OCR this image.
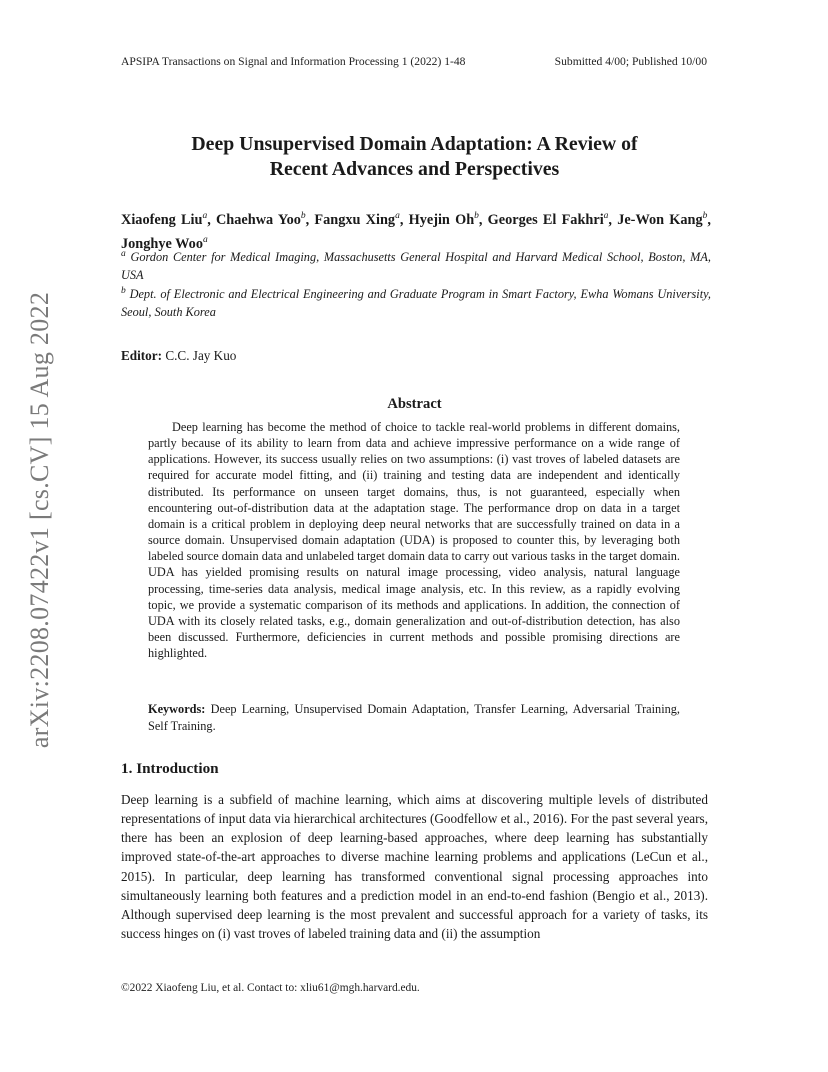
arXiv:2208.07422v1 [cs.CV] 15 Aug 2022
APSIPA Transactions on Signal and Information Processing 1 (2022) 1-48	Submitted 4/00; Published 10/00
Deep Unsupervised Domain Adaptation: A Review of
Recent Advances and Perspectives
Xiaofeng Liu$^a$, Chaehwa Yoo$^b$, Fangxu Xing$^a$, Hyejin Oh$^b$, Georges El Fakhri$^a$, Je-Won Kang$^b$, Jonghye Woo$^a$
$^a$ Gordon Center for Medical Imaging, Massachusetts General Hospital and Harvard Medical School, Boston, MA, USA
$^b$ Dept. of Electronic and Electrical Engineering and Graduate Program in Smart Factory, Ewha Womans University, Seoul, South Korea
Editor: C.C. Jay Kuo
Abstract

Deep learning has become the method of choice to tackle real-world problems in different domains, partly because of its ability to learn from data and achieve impressive performance on a wide range of applications. However, its success usually relies on two assumptions: (i) vast troves of labeled datasets are required for accurate model fitting, and (ii) training and testing data are independent and identically distributed. Its performance on unseen target domains, thus, is not guaranteed, especially when encountering out-of-distribution data at the adaptation stage. The performance drop on data in a target domain is a critical problem in deploying deep neural networks that are successfully trained on data in a source domain. Unsupervised domain adaptation (UDA) is proposed to counter this, by leveraging both labeled source domain data and unlabeled target domain data to carry out various tasks in the target domain. UDA has yielded promising results on natural image processing, video analysis, natural language processing, time-series data analysis, medical image analysis, etc. In this review, as a rapidly evolving topic, we provide a systematic comparison of its methods and applications. In addition, the connection of UDA with its closely related tasks, e.g., domain generalization and out-of-distribution detection, has also been discussed. Furthermore, deficiencies in current methods and possible promising directions are highlighted.

Keywords: Deep Learning, Unsupervised Domain Adaptation, Transfer Learning, Adversarial Training, Self Training.
1. Introduction

Deep learning is a subfield of machine learning, which aims at discovering multiple levels of distributed representations of input data via hierarchical architectures (Goodfellow et al., 2016). For the past several years, there has been an explosion of deep learning-based approaches, where deep learning has substantially improved state-of-the-art approaches to diverse machine learning problems and applications (LeCun et al., 2015). In particular, deep learning has transformed conventional signal processing approaches into simultaneously learning both features and a prediction model in an end-to-end fashion (Bengio et al., 2013). Although supervised deep learning is the most prevalent and successful approach for a variety of tasks, its success hinges on (i) vast troves of labeled training data and (ii) the assumption

©2022 Xiaofeng Liu, et al. Contact to: xliu61@mgh.harvard.edu.
